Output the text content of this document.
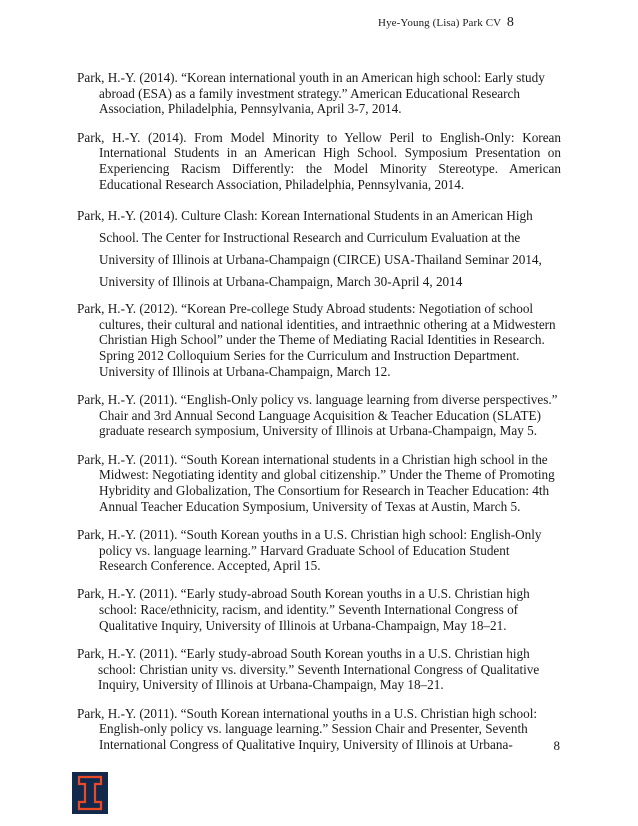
Hye-Young (Lisa) Park CV 8
Park, H.-Y. (2014). “Korean international youth in an American high school: Early study abroad (ESA) as a family investment strategy.” American Educational Research Association, Philadelphia, Pennsylvania, April 3-7, 2014.
Park, H.-Y. (2014). From Model Minority to Yellow Peril to English-Only: Korean International Students in an American High School. Symposium Presentation on Experiencing Racism Differently: the Model Minority Stereotype. American Educational Research Association, Philadelphia, Pennsylvania, 2014.
Park, H.-Y. (2014). Culture Clash: Korean International Students in an American High School. The Center for Instructional Research and Curriculum Evaluation at the University of Illinois at Urbana-Champaign (CIRCE) USA-Thailand Seminar 2014, University of Illinois at Urbana-Champaign, March 30-April 4, 2014
Park, H.-Y. (2012). “Korean Pre-college Study Abroad students: Negotiation of school cultures, their cultural and national identities, and intraethnic othering at a Midwestern Christian High School” under the Theme of Mediating Racial Identities in Research. Spring 2012 Colloquium Series for the Curriculum and Instruction Department. University of Illinois at Urbana-Champaign, March 12.
Park, H.-Y. (2011). “English-Only policy vs. language learning from diverse perspectives.” Chair and 3rd Annual Second Language Acquisition & Teacher Education (SLATE) graduate research symposium, University of Illinois at Urbana-Champaign, May 5.
Park, H.-Y. (2011). “South Korean international students in a Christian high school in the Midwest: Negotiating identity and global citizenship.” Under the Theme of Promoting Hybridity and Globalization, The Consortium for Research in Teacher Education: 4th Annual Teacher Education Symposium, University of Texas at Austin, March 5.
Park, H.-Y. (2011). “South Korean youths in a U.S. Christian high school: English-Only policy vs. language learning.” Harvard Graduate School of Education Student Research Conference. Accepted, April 15.
Park, H.-Y. (2011). “Early study-abroad South Korean youths in a U.S. Christian high school: Race/ethnicity, racism, and identity.” Seventh International Congress of Qualitative Inquiry, University of Illinois at Urbana-Champaign, May 18–21.
Park, H.-Y. (2011). “Early study-abroad South Korean youths in a U.S. Christian high school: Christian unity vs. diversity.” Seventh International Congress of Qualitative Inquiry, University of Illinois at Urbana-Champaign, May 18–21.
Park, H.-Y. (2011). “South Korean international youths in a U.S. Christian high school: English-only policy vs. language learning.” Session Chair and Presenter, Seventh International Congress of Qualitative Inquiry, University of Illinois at Urbana-	8
